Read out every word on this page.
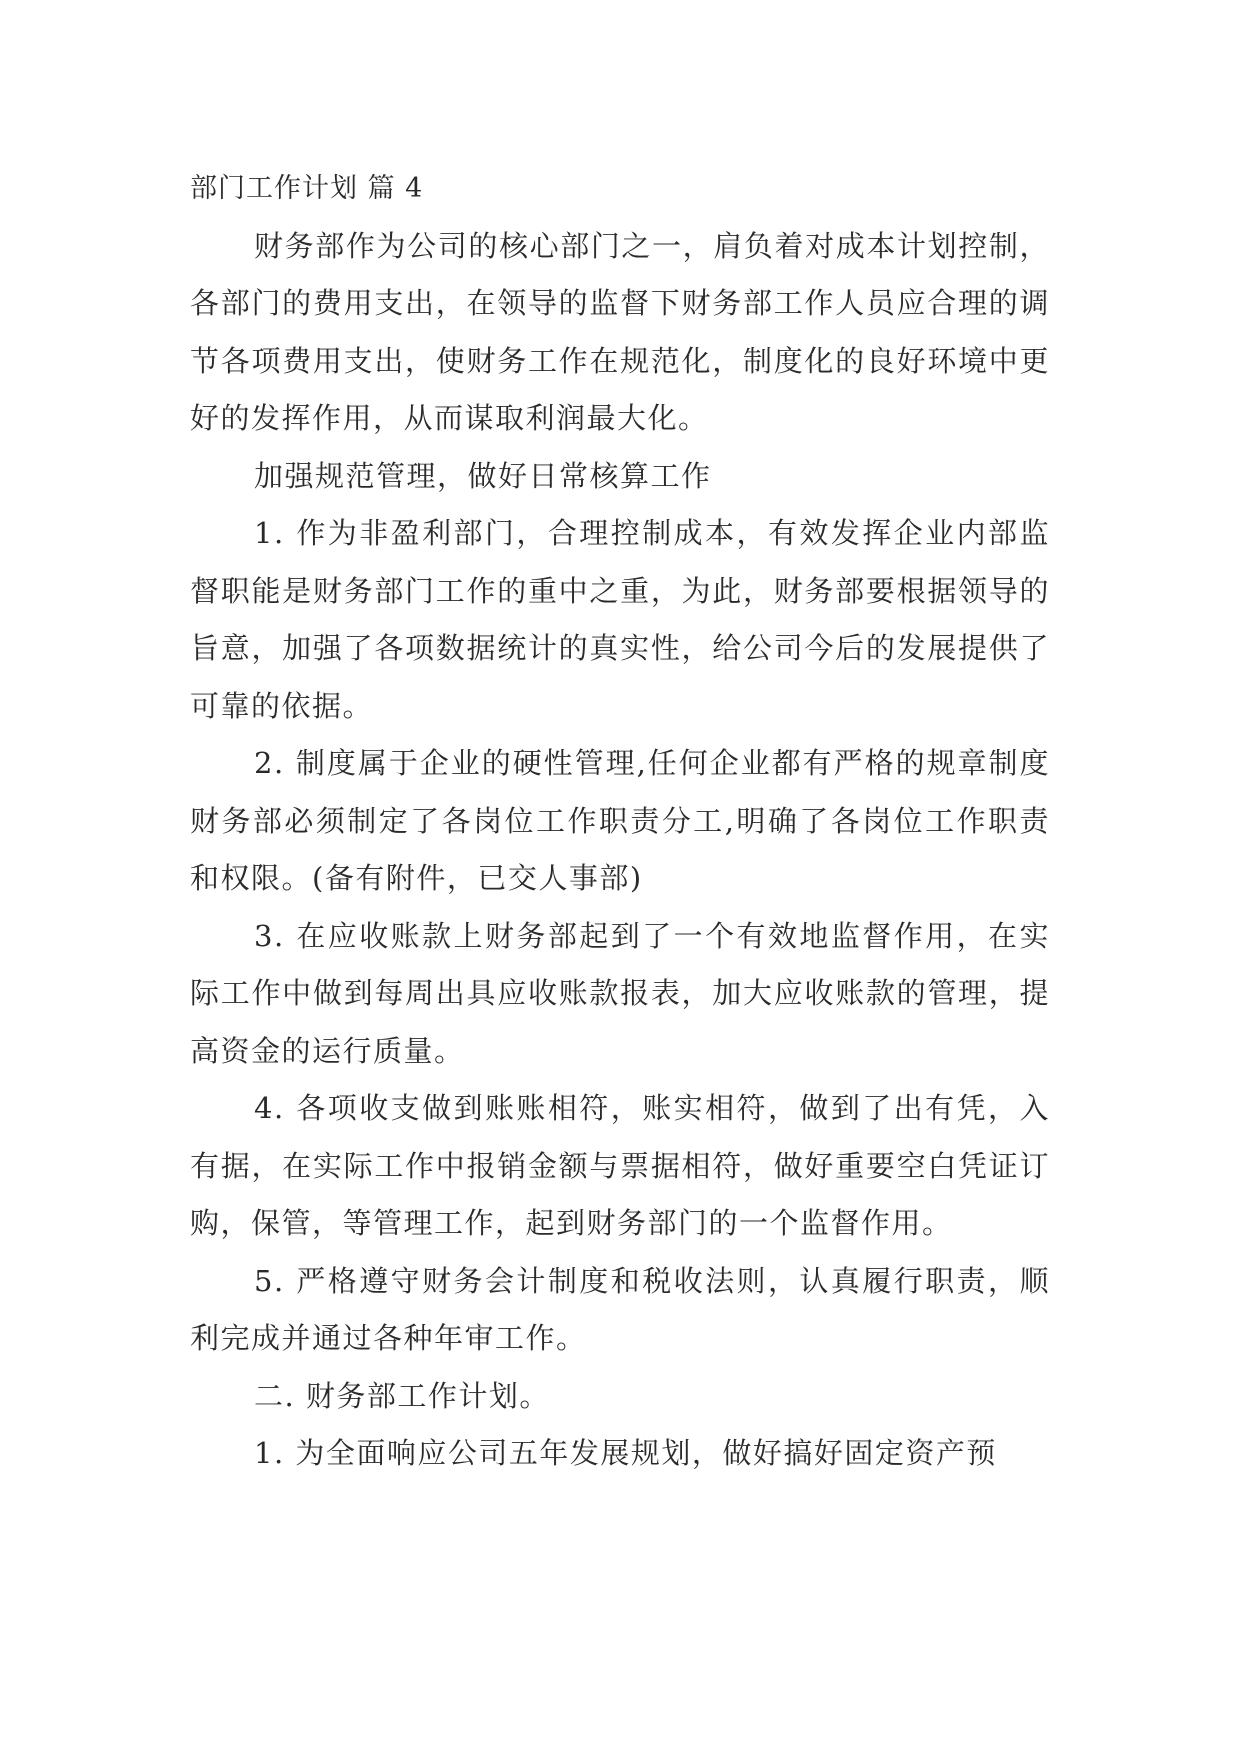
部门工作计划 篇 4

财务部作为公司的核心部门之一，肩负着对成本计划控制，各部门的费用支出，在领导的监督下财务部工作人员应合理的调节各项费用支出，使财务工作在规范化，制度化的良好环境中更好的发挥作用，从而谋取利润最大化。

加强规范管理，做好日常核算工作

1. 作为非盈利部门，合理控制成本，有效发挥企业内部监督职能是财务部门工作的重中之重，为此，财务部要根据领导的旨意，加强了各项数据统计的真实性，给公司今后的发展提供了可靠的依据。

2. 制度属于企业的硬性管理,任何企业都有严格的规章制度财务部必须制定了各岗位工作职责分工,明确了各岗位工作职责和权限。(备有附件，已交人事部)

3. 在应收账款上财务部起到了一个有效地监督作用，在实际工作中做到每周出具应收账款报表，加大应收账款的管理，提高资金的运行质量。

4. 各项收支做到账账相符，账实相符，做到了出有凭，入有据，在实际工作中报销金额与票据相符，做好重要空白凭证订购，保管，等管理工作，起到财务部门的一个监督作用。

5. 严格遵守财务会计制度和税收法则，认真履行职责，顺利完成并通过各种年审工作。

二. 财务部工作计划。

1. 为全面响应公司五年发展规划，做好搞好固定资产预
